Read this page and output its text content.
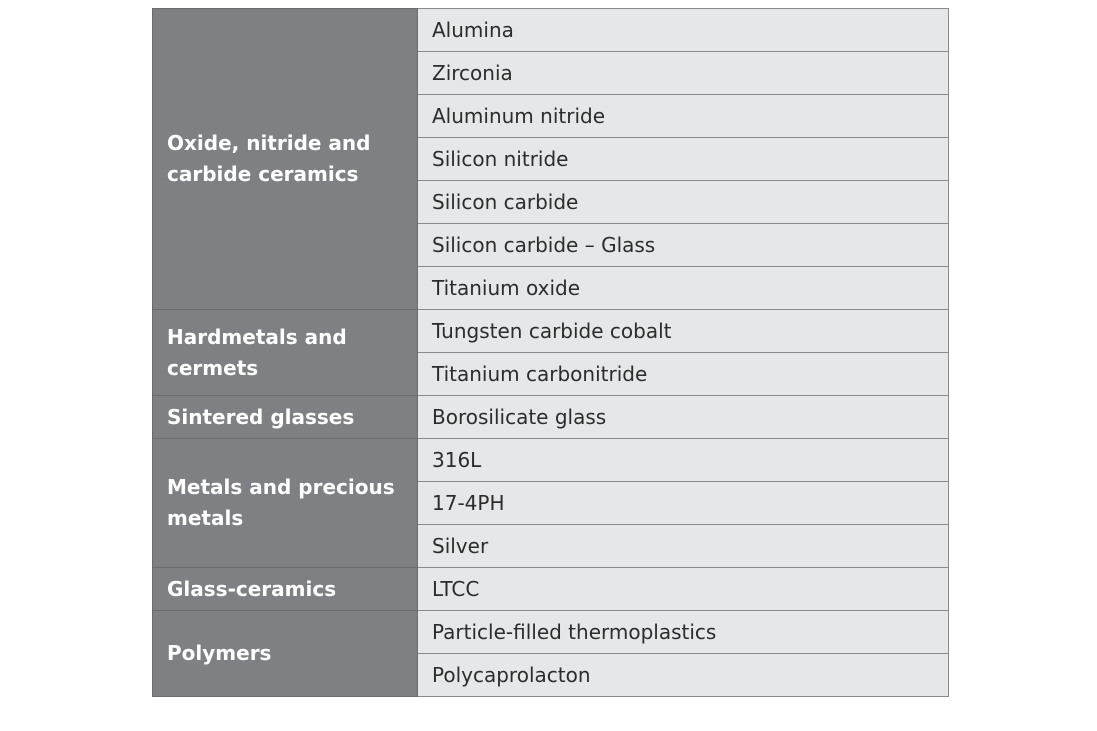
Oxide, nitride and carbide ceramics	Alumina
	Zirconia
	Aluminum nitride
	Silicon nitride
	Silicon carbide
	Silicon carbide – Glass
	Titanium oxide
Hardmetals and cermets	Tungsten carbide cobalt
	Titanium carbonitride
Sintered glasses	Borosilicate glass
Metals and precious metals	316L
	17-4PH
	Silver
Glass-ceramics	LTCC
Polymers	Particle-filled thermoplastics
	Polycaprolacton
